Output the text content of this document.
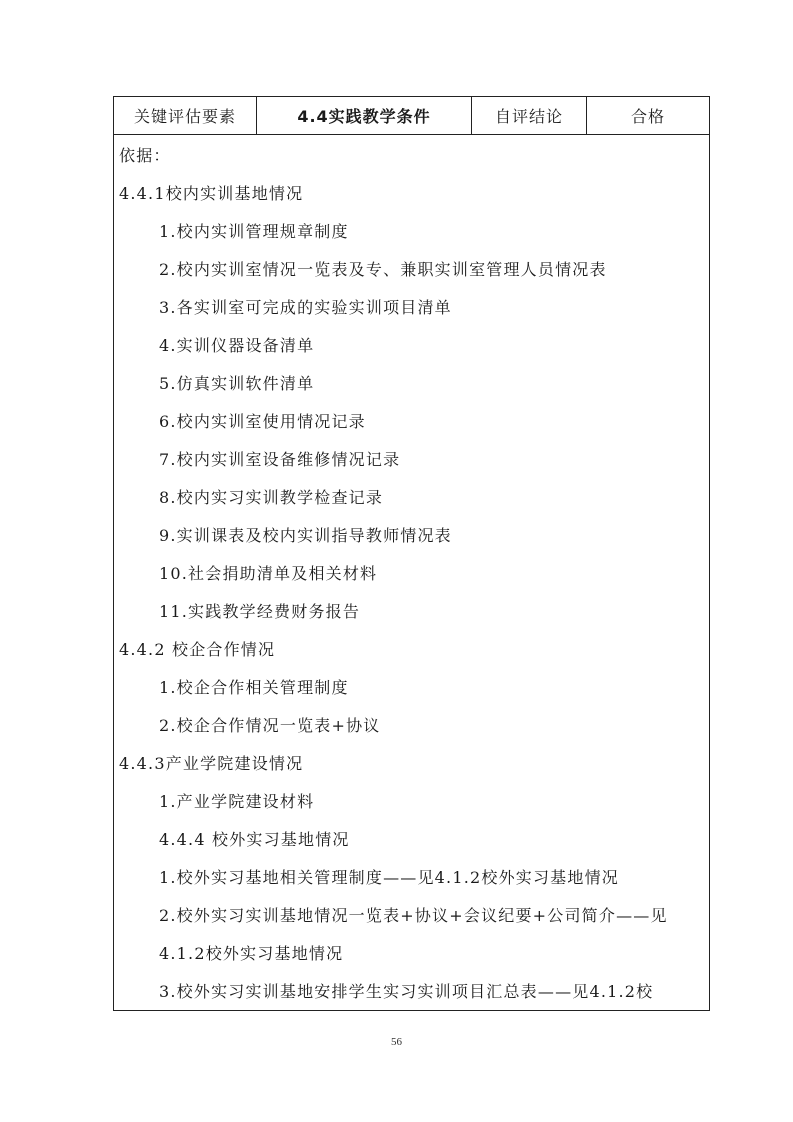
关键评估要素	4.4实践教学条件	自评结论	合格
依据：
4.4.1校内实训基地情况
1.校内实训管理规章制度
2.校内实训室情况一览表及专、兼职实训室管理人员情况表
3.各实训室可完成的实验实训项目清单
4.实训仪器设备清单
5.仿真实训软件清单
6.校内实训室使用情况记录
7.校内实训室设备维修情况记录
8.校内实习实训教学检查记录
9.实训课表及校内实训指导教师情况表
10.社会捐助清单及相关材料
11.实践教学经费财务报告
4.4.2 校企合作情况
1.校企合作相关管理制度
2.校企合作情况一览表+协议
4.4.3产业学院建设情况
1.产业学院建设材料
4.4.4 校外实习基地情况
1.校外实习基地相关管理制度——见4.1.2校外实习基地情况
2.校外实习实训基地情况一览表+协议+会议纪要+公司简介——见
4.1.2校外实习基地情况
3.校外实习实训基地安排学生实习实训项目汇总表——见4.1.2校
56
